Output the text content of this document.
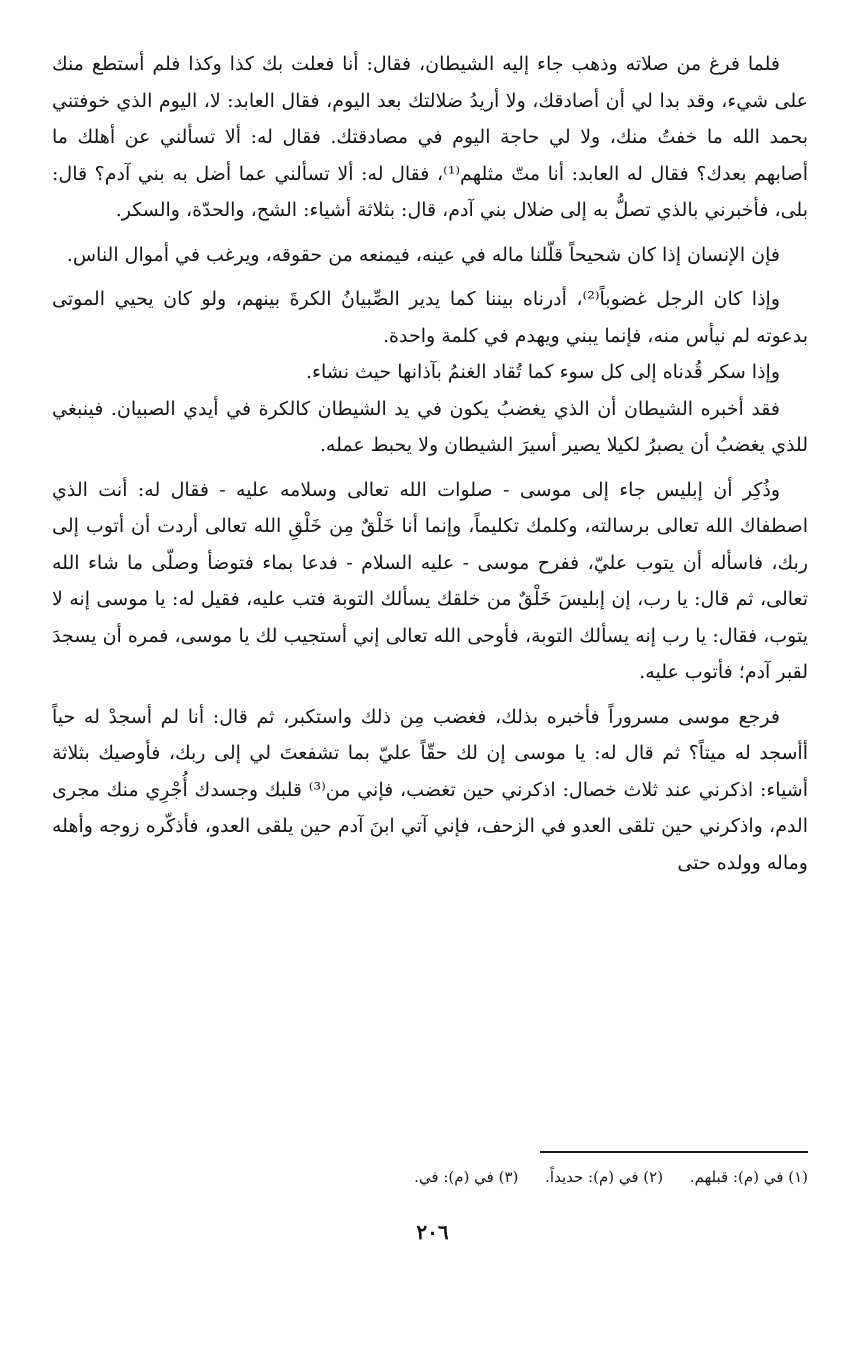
فلما فرغ من صلاته وذهب جاء إليه الشيطان، فقال: أنا فعلت بك كذا وكذا فلم أستطع منك على شيء، وقد بدا لي أن أصادقك، ولا أريدُ ضلالتك بعد اليوم، فقال العابد: لا، اليوم الذي خوفتني بحمد الله ما خفتُ منك، ولا لي حاجة اليوم في مصادقتك. فقال له: ألا تسألني عن أهلك ما أصابهم بعدك؟ فقال له العابد: أنا متّ مثلهم⁽¹⁾، فقال له: ألا تسألني عما أضل به بني آدم؟ قال: بلى، فأخبرني بالذي تصلُّ به إلى ضلال بني آدم، قال: بثلاثة أشياء: الشح، والحدّة، والسكر.

فإن الإنسان إذا كان شحيحاً قلّلنا ماله في عينه، فيمنعه من حقوقه، ويرغب في أموال الناس.

وإذا كان الرجل غضوباً⁽²⁾، أدرناه بيننا كما يدير الصِّبيانُ الكرةَ بينهم، ولو كان يحيي الموتى بدعوته لم نيأس منه، فإنما يبني ويهدم في كلمة واحدة.

وإذا سكر قُدناه إلى كل سوء كما تُقاد الغنمُ بآذانها حيث نشاء.

فقد أخبره الشيطان أن الذي يغضبُ يكون في يد الشيطان كالكرة في أيدي الصبيان. فينبغي للذي يغضبُ أن يصبرُ لكيلا يصير أسيرَ الشيطان ولا يحبط عمله.

وذُكِر أن إبليس جاء إلى موسى - صلوات الله تعالى وسلامه عليه - فقال له: أنت الذي اصطفاك الله تعالى برسالته، وكلمك تكليماً، وإنما أنا خَلْقٌ مِن خَلْقِ الله تعالى أردت أن أتوب إلى ربك، فاسأله أن يتوب عليّ، ففرح موسى - عليه السلام - فدعا بماء فتوضأ وصلّى ما شاء الله تعالى، ثم قال: يا رب، إن إبليسَ خَلْقٌ من خلقك يسألك التوبة فتب عليه، فقيل له: يا موسى إنه لا يتوب، فقال: يا رب إنه يسألك التوبة، فأوحى الله تعالى إني أستجيب لك يا موسى، فمره أن يسجدَ لقبر آدم؛ فأتوب عليه.

فرجع موسى مسروراً فأخبره بذلك، فغضب مِن ذلك واستكبر، ثم قال: أنا لم أسجدْ له حياً أأسجد له ميتاً؟ ثم قال له: يا موسى إن لك حقّاً عليّ بما تشفعتَ لي إلى ربك، فأوصيك بثلاثة أشياء: اذكرني عند ثلاث خصال: اذكرني حين تغضب، فإني من⁽³⁾ قلبك وجسدك أُجْرِي منك مجرى الدم، واذكرني حين تلقى العدو في الزحف، فإني آتي ابنَ آدم حين يلقى العدو، فأذكّره زوجه وأهله وماله وولده حتى

(١) في (م): قبلهم. (٢) في (م): حديداً. (٣) في (م): في.
٢٠٦
